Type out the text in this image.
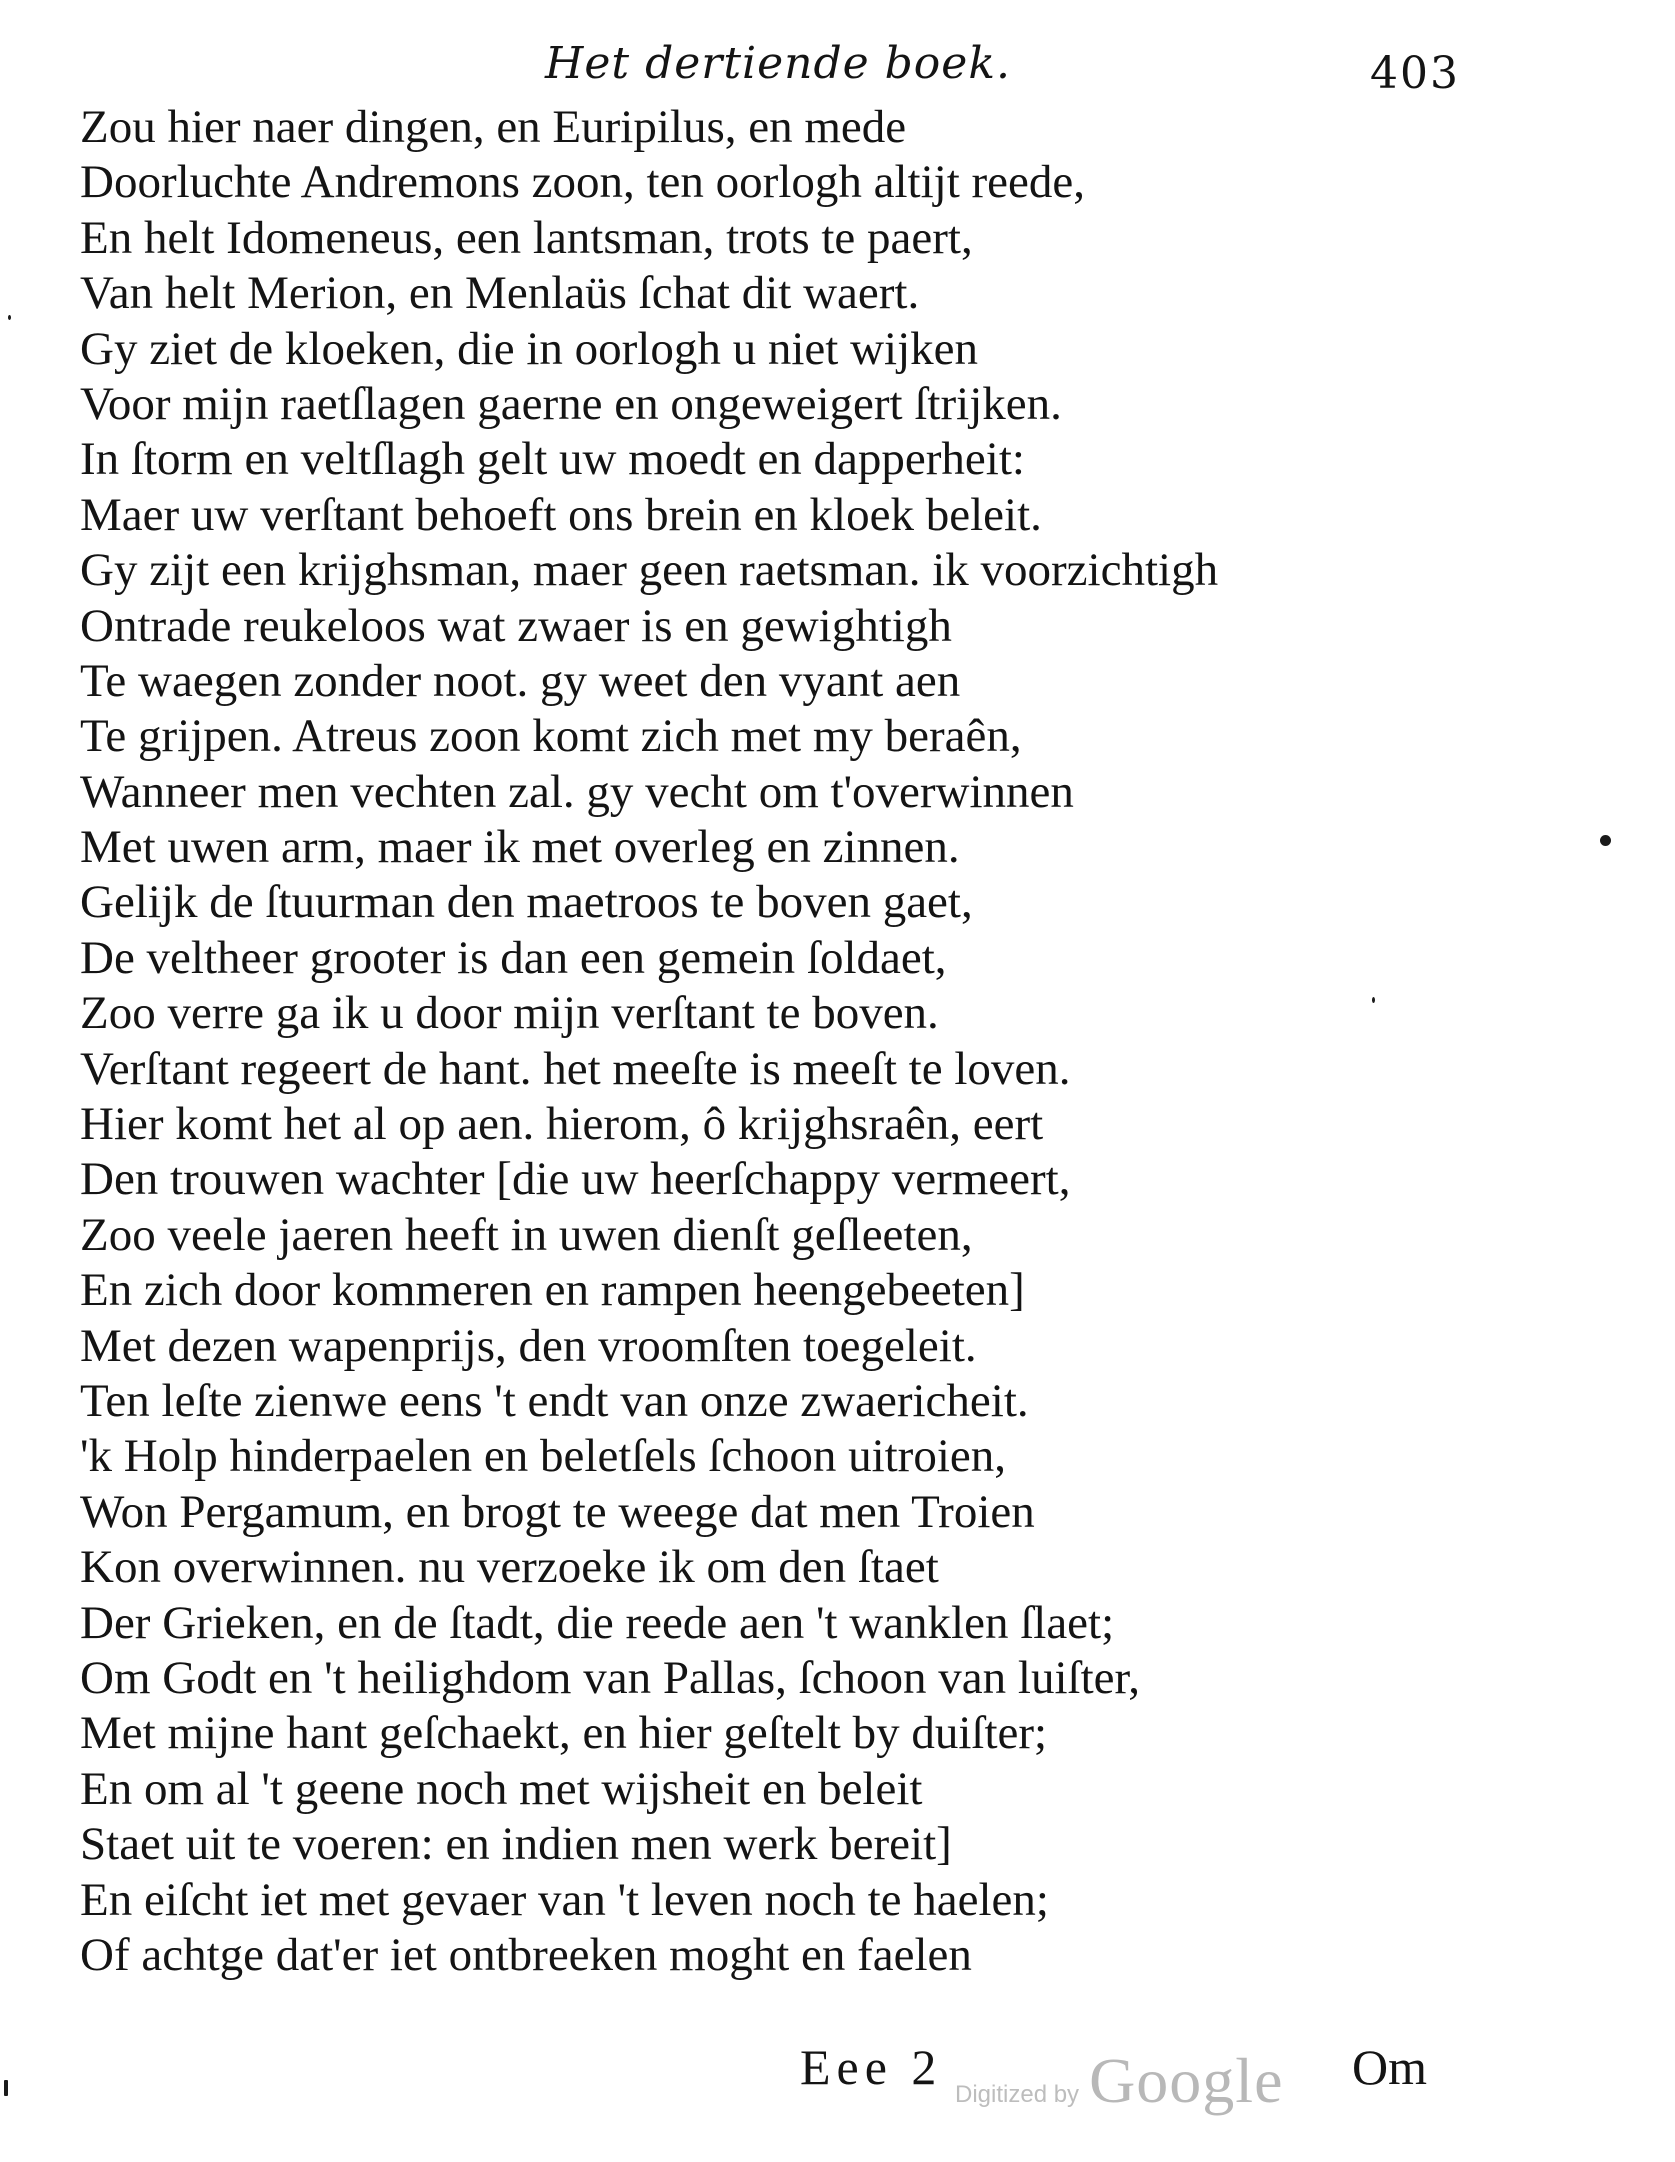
Het dertiende boek.	403
Zou hier naer dingen, en Euripilus, en mede
Doorluchte Andremons zoon, ten oorlogh altijt reede,
En helt Idomeneus, een lantsman, trots te paert,
Van helt Merion, en Menlaüs ſchat dit waert.
Gy ziet de kloeken, die in oorlogh u niet wijken
Voor mijn raetſlagen gaerne en ongeweigert ſtrijken.
In ſtorm en veltſlagh gelt uw moedt en dapperheit:
Maer uw verſtant behoeft ons brein en kloek beleit.
Gy zijt een krijghsman, maer geen raetsman. ik voorzichtigh
Ontrade reukeloos wat zwaer is en gewightigh
Te waegen zonder noot. gy weet den vyant aen
Te grijpen. Atreus zoon komt zich met my beraên,
Wanneer men vechten zal. gy vecht om t'overwinnen
Met uwen arm, maer ik met overleg en zinnen.
Gelijk de ſtuurman den maetroos te boven gaet,
De veltheer grooter is dan een gemein ſoldaet,
Zoo verre ga ik u door mijn verſtant te boven.
Verſtant regeert de hant. het meeſte is meeſt te loven.
Hier komt het al op aen. hierom, ô krijghsraên, eert
Den trouwen wachter [die uw heerſchappy vermeert,
Zoo veele jaeren heeft in uwen dienſt geſleeten,
En zich door kommeren en rampen heengebeeten]
Met dezen wapenprijs, den vroomſten toegeleit.
Ten leſte zienwe eens 't endt van onze zwaericheit.
'k Holp hinderpaelen en beletſels ſchoon uitroien,
Won Pergamum, en brogt te weege dat men Troien
Kon overwinnen. nu verzoeke ik om den ſtaet
Der Grieken, en de ſtadt, die reede aen 't wanklen ſlaet;
Om Godt en 't heilighdom van Pallas, ſchoon van luiſter,
Met mijne hant geſchaekt, en hier geſtelt by duiſter;
En om al 't geene noch met wijsheit en beleit
Staet uit te voeren: en indien men werk bereit]
En eiſcht iet met gevaer van 't leven noch te haelen;
Of achtge dat'er iet ontbreeken moght en faelen
Eee 2 Digitized by Google Om
